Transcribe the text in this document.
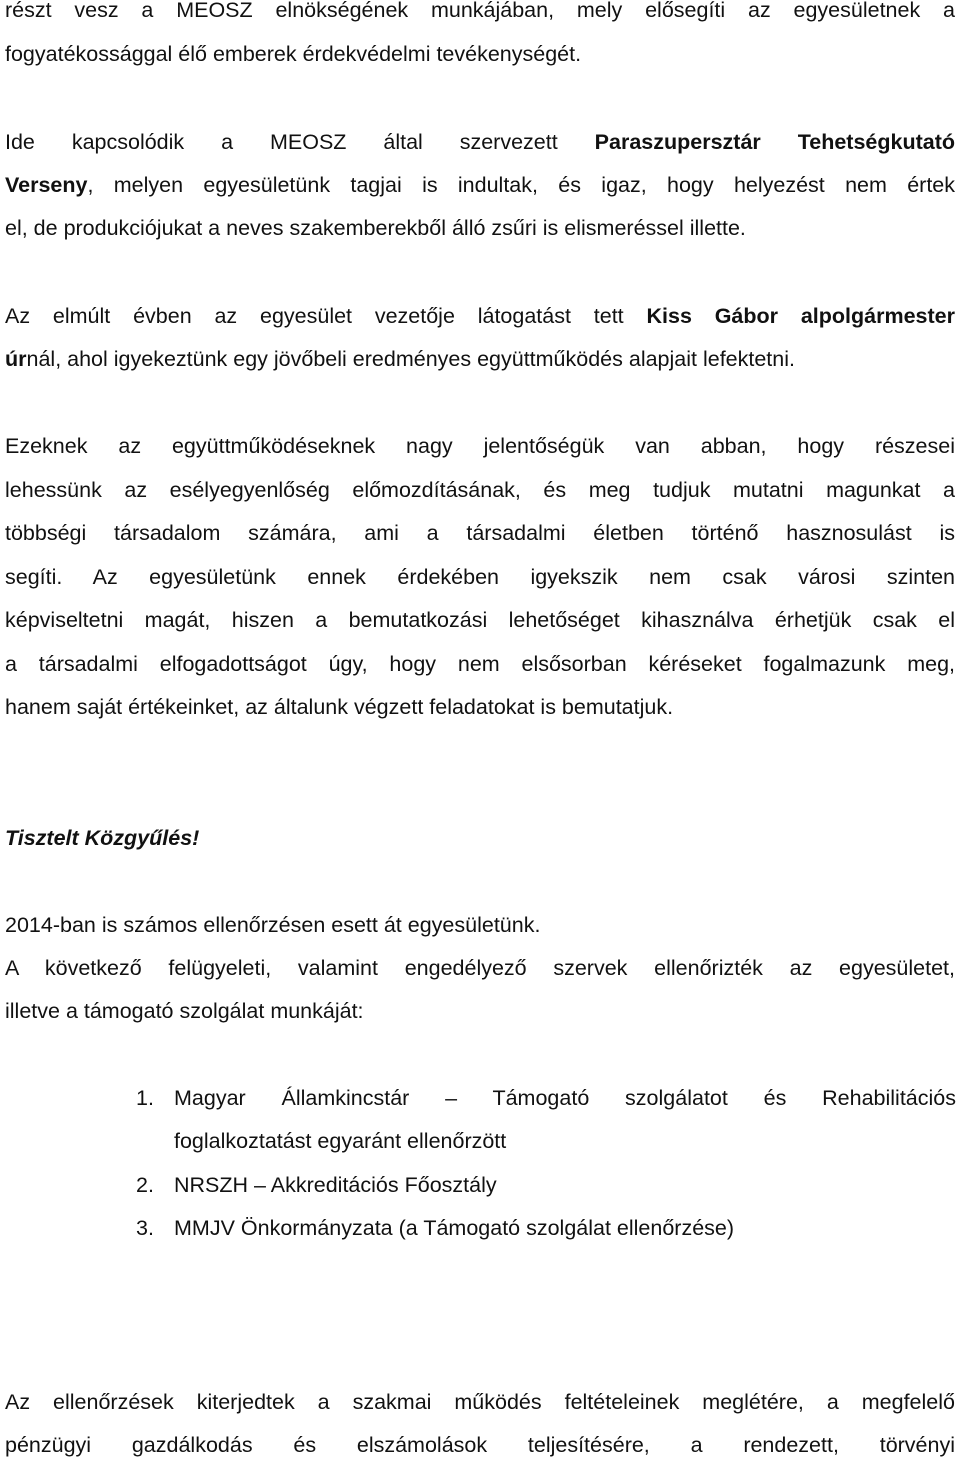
részt vesz a MEOSZ elnökségének munkájában, mely elősegíti az egyesületnek a

fogyatékossággal élő emberek érdekvédelmi tevékenységét.

Ide kapcsolódik a MEOSZ által szervezett Paraszupersztár Tehetségkutató

Verseny, melyen egyesületünk tagjai is indultak, és igaz, hogy helyezést nem értek

el, de produkciójukat a neves szakemberekből álló zsűri is elismeréssel illette.

Az elmúlt évben az egyesület vezetője látogatást tett Kiss Gábor alpolgármester

úrnál, ahol igyekeztünk egy jövőbeli eredményes együttműködés alapjait lefektetni.

Ezeknek az együttműködéseknek nagy jelentőségük van abban, hogy részesei

lehessünk az esélyegyenlőség előmozdításának, és meg tudjuk mutatni magunkat a

többségi társadalom számára, ami a társadalmi életben történő hasznosulást is

segíti. Az egyesületünk ennek érdekében igyekszik nem csak városi szinten

képviseltetni magát, hiszen a bemutatkozási lehetőséget kihasználva érhetjük csak el

a társadalmi elfogadottságot úgy, hogy nem elsősorban kéréseket fogalmazunk meg,

hanem saját értékeinket, az általunk végzett feladatokat is bemutatjuk.

Tisztelt Közgyűlés!

2014-ban is számos ellenőrzésen esett át egyesületünk.

A következő felügyeleti, valamint engedélyező szervek ellenőrizték az egyesületet,

illetve a támogató szolgálat munkáját:

1. Magyar Államkincstár – Támogató szolgálatot és Rehabilitációs
foglalkoztatást egyaránt ellenőrzött
2. NRSZH – Akkreditációs Főosztály
3. MMJV Önkormányzata (a Támogató szolgálat ellenőrzése)

Az ellenőrzések kiterjedtek a szakmai működés feltételeinek meglétére, a megfelelő

pénzügyi gazdálkodás és elszámolások teljesítésére, a rendezett, törvényi
